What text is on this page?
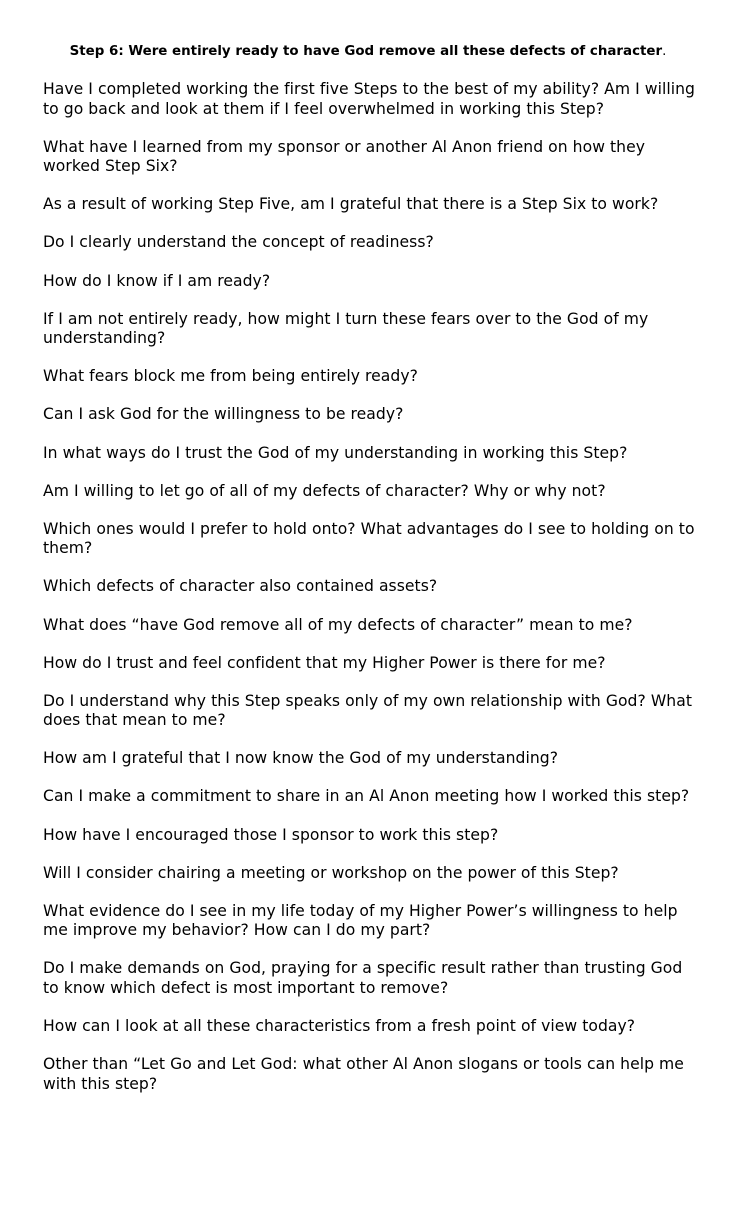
Step 6: Were entirely ready to have God remove all these defects of character.
Have I completed working the first five Steps to the best of my ability? Am I willing to go back and look at them if I feel overwhelmed in working this Step?
What have I learned from my sponsor or another Al Anon friend on how they worked Step Six?
As a result of working Step Five, am I grateful that there is a Step Six to work?
Do I clearly understand the concept of readiness?
How do I know if I am ready?
If I am not entirely ready, how might I turn these fears over to the God of my understanding?
What fears block me from being entirely ready?
Can I ask God for the willingness to be ready?
In what ways do I trust the God of my understanding in working this Step?
Am I willing to let go of all of my defects of character? Why or why not?
Which ones would I prefer to hold onto? What advantages do I see to holding on to them?
Which defects of character also contained assets?
What does “have God remove all of my defects of character” mean to me?
How do I trust and feel confident that my Higher Power is there for me?
Do I understand why this Step speaks only of my own relationship with God? What does that mean to me?
How am I grateful that I now know the God of my understanding?
Can I make a commitment to share in an Al Anon meeting how I worked this step?
How have I encouraged those I sponsor to work this step?
Will I consider chairing a meeting or workshop on the power of this Step?
What evidence do I see in my life today of my Higher Power’s willingness to help me improve my behavior? How can I do my part?
Do I make demands on God, praying for a specific result rather than trusting God to know which defect is most important to remove?
How can I look at all these characteristics from a fresh point of view today?
Other than “Let Go and Let God: what other Al Anon slogans or tools can help me with this step?
